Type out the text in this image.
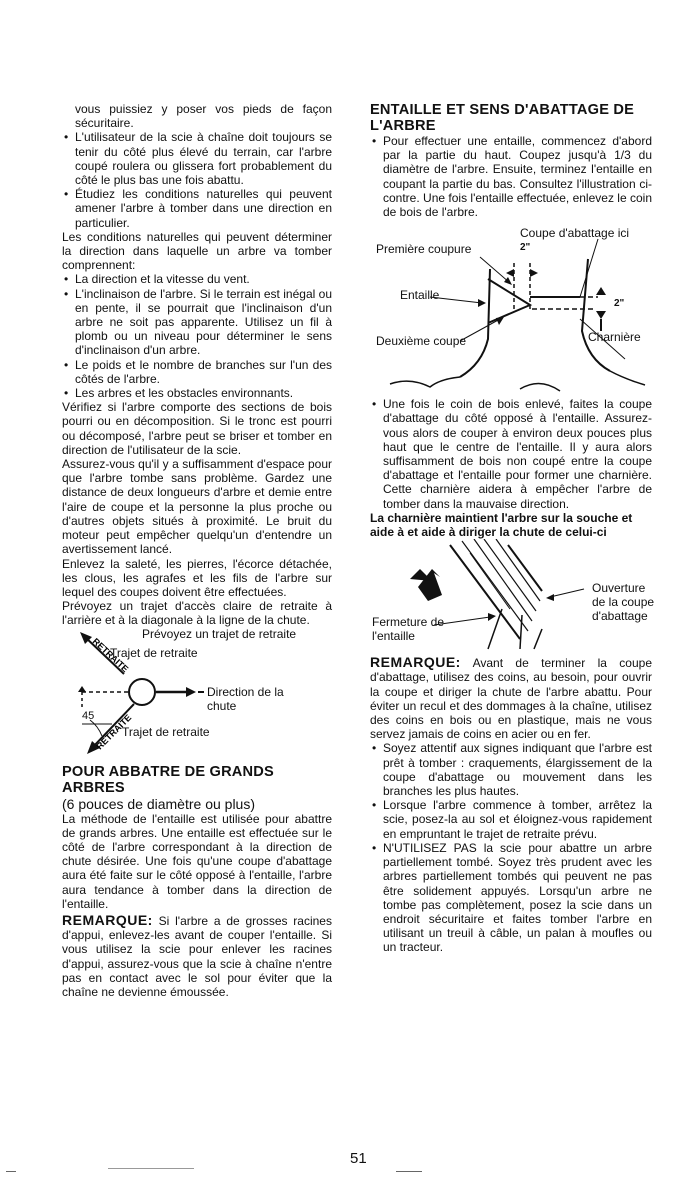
vous puissiez y poser vos pieds de façon sécuritaire.

• L'utilisateur de la scie à chaîne doit toujours se tenir du côté plus élevé du terrain, car l'arbre coupé roulera ou glissera fort probablement du côté le plus bas une fois abattu.
• Étudiez les conditions naturelles qui peuvent amener l'arbre à tomber dans une direction en particulier.

Les conditions naturelles qui peuvent déterminer la direction dans laquelle un arbre va tomber comprennent:

• La direction et la vitesse du vent.
• L'inclinaison de l'arbre. Si le terrain est inégal ou en pente, il se pourrait que l'inclinaison d'un arbre ne soit pas apparente. Utilisez un fil à plomb ou un niveau pour déterminer le sens d'inclinaison d'un arbre.
• Le poids et le nombre de branches sur l'un des côtés de l'arbre.
• Les arbres et les obstacles environnants.

Vérifiez si l'arbre comporte des sections de bois pourri ou en décomposition. Si le tronc est pourri ou décomposé, l'arbre peut se briser et tomber en direction de l'utilisateur de la scie.

Assurez-vous qu'il y a suffisamment d'espace pour que l'arbre tombe sans problème. Gardez une distance de deux longueurs d'arbre et demie entre l'aire de coupe et la personne la plus proche ou d'autres objets situés à proximité. Le bruit du moteur peut empêcher quelqu'un d'entendre un avertissement lancé.

Enlevez la saleté, les pierres, l'écorce détachée, les clous, les agrafes et les fils de l'arbre sur lequel des coupes doivent être effectuées.

Prévoyez un trajet d'accès claire de retraite à l'arrière et à la diagonale à la ligne de la chute.

RETRAITE
RETRAITE
Prévoyez un trajet de retraite
Trajet de retraite
Direction de la chute
45
Trajet de retraite
POUR ABBATRE DE GRANDS ARBRES

(6 pouces de diamètre ou plus)

La méthode de l'entaille est utilisée pour abattre de grands arbres. Une entaille est effectuée sur le côté de l'arbre correspondant à la direction de chute désirée. Une fois qu'une coupe d'abattage aura été faite sur le côté opposé à l'entaille, l'arbre aura tendance à tomber dans la direction de l'entaille.

REMARQUE: Si l'arbre a de grosses racines d'appui, enlevez-les avant de couper l'entaille. Si vous utilisez la scie pour enlever les racines d'appui, assurez-vous que la scie à chaîne n'entre pas en contact avec le sol pour éviter que la chaîne ne devienne émoussée.

ENTAILLE ET SENS D'ABATTAGE DE L'ARBRE
• Pour effectuer une entaille, commencez d'abord par la partie du haut. Coupez jusqu'à 1/3 du diamètre de l'arbre. Ensuite, terminez l'entaille en coupant la partie du bas. Consultez l'illustration ci-contre. Une fois l'entaille effectuée, enlevez le coin de bois de l'arbre.
Coupe d'abattage ici
2"
Première coupure
Entaille
2"
Deuxième coupe	Charnière
• Une fois le coin de bois enlevé, faites la coupe d'abattage du côté opposé à l'entaille. Assurez-vous alors de couper à environ deux pouces plus haut que le centre de l'entaille. Il y aura alors suffisamment de bois non coupé entre la coupe d'abattage et l'entaille pour former une charnière. Cette charnière aidera à empêcher l'arbre de tomber dans la mauvaise direction.

La charnière maintient l'arbre sur la souche et aide à et aide à diriger la chute de celui-ci

Fermeture de l'entaille
Ouverture de la coupe d'abattage

REMARQUE: Avant de terminer la coupe d'abattage, utilisez des coins, au besoin, pour ouvrir la coupe et diriger la chute de l'arbre abattu. Pour éviter un recul et des dommages à la chaîne, utilisez des coins en bois ou en plastique, mais ne vous servez jamais de coins en acier ou en fer.

• Soyez attentif aux signes indiquant que l'arbre est prêt à tomber : craquements, élargissement de la coupe d'abattage ou mouvement dans les branches les plus hautes.
• Lorsque l'arbre commence à tomber, arrêtez la scie, posez-la au sol et éloignez-vous rapidement en empruntant le trajet de retraite prévu.
• N'UTILISEZ PAS la scie pour abattre un arbre partiellement tombé. Soyez très prudent avec les arbres partiellement tombés qui peuvent ne pas être solidement appuyés. Lorsqu'un arbre ne tombe pas complètement, posez la scie dans un endroit sécuritaire et faites tomber l'arbre en utilisant un treuil à câble, un palan à moufles ou un tracteur.
51
